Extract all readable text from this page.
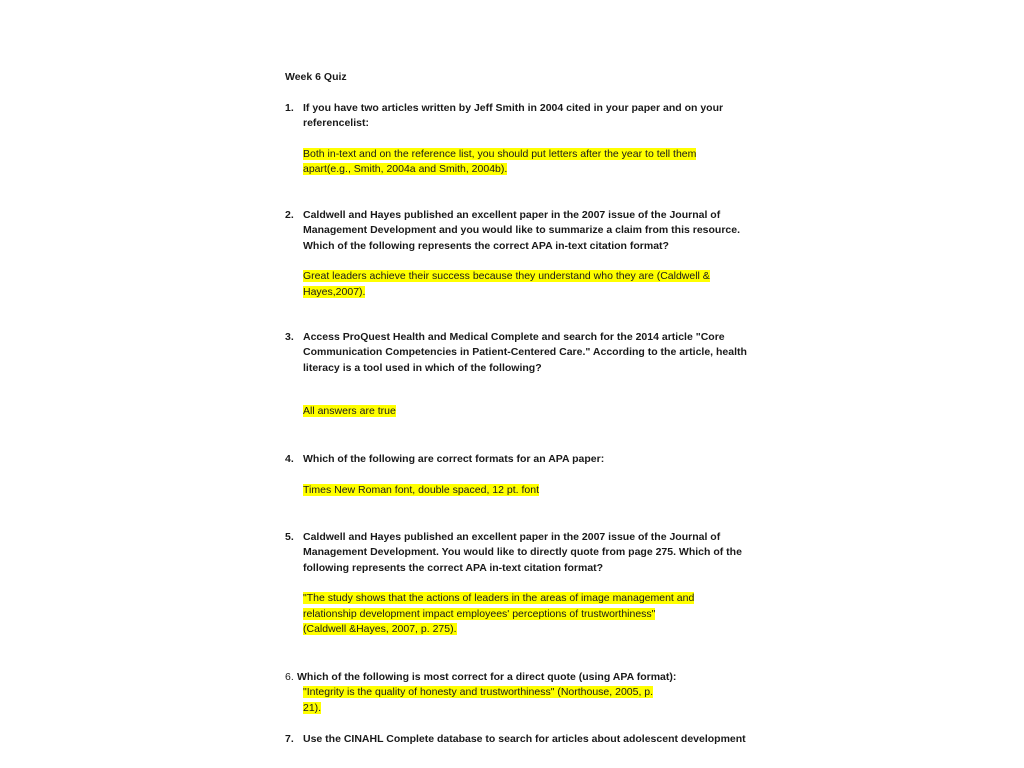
Week 6 Quiz

1. If you have two articles written by Jeff Smith in 2004 cited in your paper and on your referencelist:

Both in-text and on the reference list, you should put letters after the year to tell them
apart(e.g., Smith, 2004a and Smith, 2004b).

2. Caldwell and Hayes published an excellent paper in the 2007 issue of the Journal of Management Development and you would like to summarize a claim from this resource. Which of the following represents the correct APA in-text citation format?

Great leaders achieve their success because they understand who they are (Caldwell &
Hayes,2007).

3. Access ProQuest Health and Medical Complete and search for the 2014 article "Core Communication Competencies in Patient-Centered Care." According to the article, health literacy is a tool used in which of the following?

All answers are true

4. Which of the following are correct formats for an APA paper:

Times New Roman font, double spaced, 12 pt. font

5. Caldwell and Hayes published an excellent paper in the 2007 issue of the Journal of Management Development. You would like to directly quote from page 275. Which of the following represents the correct APA in-text citation format?

"The study shows that the actions of leaders in the areas of image management and
relationship development impact employees' perceptions of trustworthiness"
(Caldwell &Hayes, 2007, p. 275).

6. Which of the following is most correct for a direct quote (using APA format):

"Integrity is the quality of honesty and trustworthiness" (Northouse, 2005, p.
21).

7. Use the CINAHL Complete database to search for articles about adolescent development
